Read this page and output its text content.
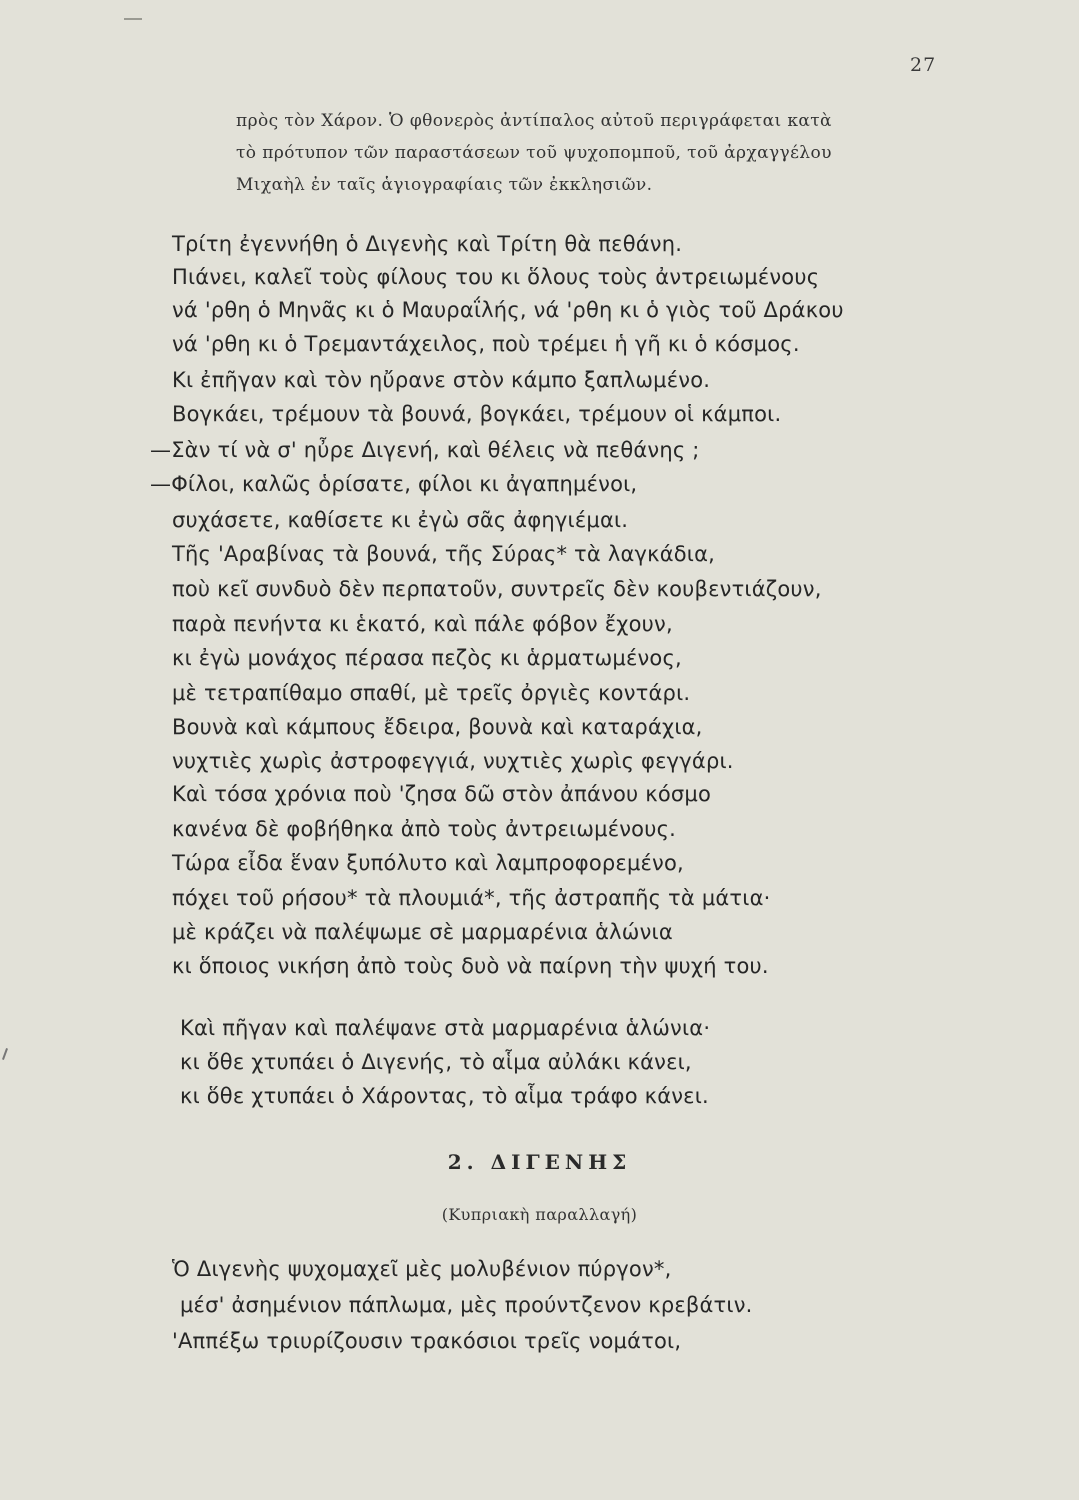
27
πρὸς τὸν Χάρον. Ὁ φθονερὸς ἀντίπαλος αὐτοῦ περιγράφεται κατὰ
τὸ πρότυπον τῶν παραστάσεων τοῦ ψυχοπομποῦ, τοῦ ἀρχαγγέλου
Μιχαὴλ ἐν ταῖς ἁγιογραφίαις τῶν ἐκκλησιῶν.
Τρίτη ἐγεννήθη ὁ Διγενὴς καὶ Τρίτη θὰ πεθάνη.
Πιάνει, καλεῖ τοὺς φίλους του κι ὅλους τοὺς ἀντρειωμένους
νά 'ρθη ὁ Μηνᾶς κι ὁ Μαυραΐλής, νά 'ρθη κι ὁ γιὸς τοῦ Δράκου
νά 'ρθη κι ὁ Τρεμαντάχειλος, ποὺ τρέμει ἡ γῆ κι ὁ κόσμος.
Κι ἐπῆγαν καὶ τὸν ηὔρανε στὸν κάμπο ξαπλωμένο.
Βογκάει, τρέμουν τὰ βουνά, βογκάει, τρέμουν οἱ κάμποι.
—Σὰν τί νὰ σ' ηὖρε Διγενή, καὶ θέλεις νὰ πεθάνης ;
—Φίλοι, καλῶς ὁρίσατε, φίλοι κι ἀγαπημένοι,
συχάσετε, καθίσετε κι ἐγὼ σᾶς ἀφηγιέμαι.
Τῆς 'Αραβίνας τὰ βουνά, τῆς Σύρας* τὰ λαγκάδια,
ποὺ κεῖ συνδυὸ δὲν περπατοῦν, συντρεῖς δὲν κουβεντιάζουν,
παρὰ πενήντα κι ἑκατό, καὶ πάλε φόβον ἔχουν,
κι ἐγὼ μονάχος πέρασα πεζὸς κι ἁρματωμένος,
μὲ τετραπίθαμο σπαθί, μὲ τρεῖς ὀργιὲς κοντάρι.
Βουνὰ καὶ κάμπους ἔδειρα, βουνὰ καὶ καταράχια,
νυχτιὲς χωρὶς ἀστροφεγγιά, νυχτιὲς χωρὶς φεγγάρι.
Καὶ τόσα χρόνια ποὺ 'ζησα δῶ στὸν ἀπάνου κόσμο
κανένα δὲ φοβήθηκα ἀπὸ τοὺς ἀντρειωμένους.
Τώρα εἶδα ἕναν ξυπόλυτο καὶ λαμπροφορεμένο,
πόχει τοῦ ρήσου* τὰ πλουμιά*, τῆς ἀστραπῆς τὰ μάτια·
μὲ κράζει νὰ παλέψωμε σὲ μαρμαρένια ἁλώνια
κι ὅποιος νικήση ἀπὸ τοὺς δυὸ νὰ παίρνη τὴν ψυχή του.
Καὶ πῆγαν καὶ παλέψανε στὰ μαρμαρένια ἁλώνια·
κι ὅθε χτυπάει ὁ Διγενής, τὸ αἷμα αὐλάκι κάνει,
κι ὅθε χτυπάει ὁ Χάροντας, τὸ αἷμα τράφο κάνει.
2. ΔΙΓΕΝΗΣ
(Κυπριακὴ παραλλαγή)
Ὁ Διγενὴς ψυχομαχεῖ μὲς μολυβένιον πύργον*,
μέσ' ἀσημένιον πάπλωμα, μὲς προύντζενον κρεβάτιν.
'Αππέξω τριυρίζουσιν τρακόσιοι τρεῖς νομάτοι,
